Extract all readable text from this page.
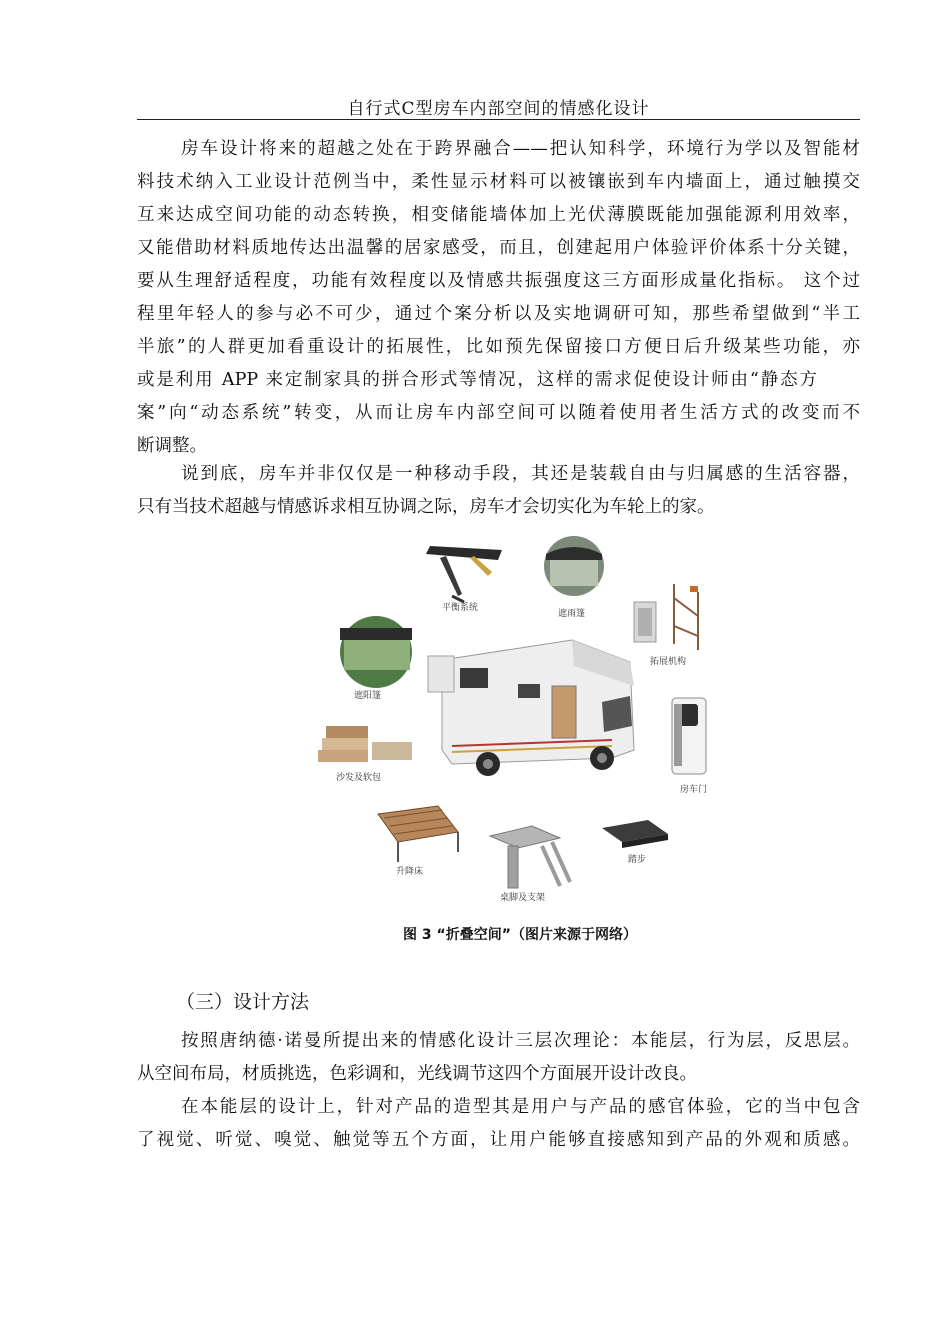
自行式C型房车内部空间的情感化设计
房车设计将来的超越之处在于跨界融合——把认知科学，环境行为学以及智能材
料技术纳入工业设计范例当中，柔性显示材料可以被镶嵌到车内墙面上，通过触摸交
互来达成空间功能的动态转换，相变储能墙体加上光伏薄膜既能加强能源利用效率，
又能借助材料质地传达出温馨的居家感受，而且，创建起用户体验评价体系十分关键，
要从生理舒适程度，功能有效程度以及情感共振强度这三方面形成量化指标。 这个过
程里年轻人的参与必不可少，通过个案分析以及实地调研可知，那些希望做到“半工
半旅”的人群更加看重设计的拓展性，比如预先保留接口方便日后升级某些功能，亦
或是利用 APP 来定制家具的拼合形式等情况，这样的需求促使设计师由“静态方
案”向“动态系统”转变，从而让房车内部空间可以随着使用者生活方式的改变而不
断调整。
说到底，房车并非仅仅是一种移动手段，其还是装载自由与归属感的生活容器，
只有当技术超越与情感诉求相互协调之际，房车才会切实化为车轮上的家。
平衡系统
遮雨篷
拓展机构
遮阳篷
沙发及软包
房车门
升降床
桌脚及支架
踏步
图 3 “折叠空间”（图片来源于网络）
（三）设计方法
按照唐纳德·诺曼所提出来的情感化设计三层次理论：本能层，行为层，反思层。
从空间布局，材质挑选，色彩调和，光线调节这四个方面展开设计改良。
在本能层的设计上，针对产品的造型其是用户与产品的感官体验，它的当中包含
了视觉、听觉、嗅觉、触觉等五个方面，让用户能够直接感知到产品的外观和质感。
